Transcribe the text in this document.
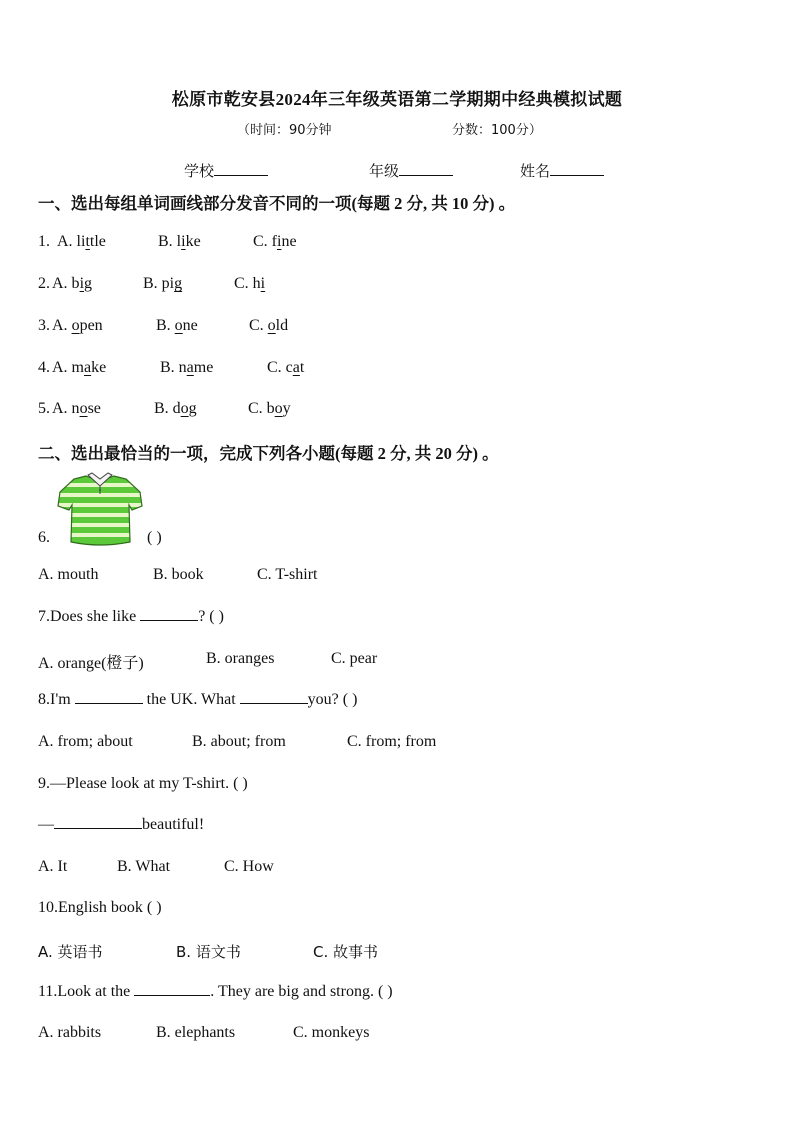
松原市乾安县2024年三年级英语第二学期期中经典模拟试题
（时间：90分钟	分数：100分）
学校	年级	姓名
一、选出每组单词画线部分发音不同的一项(每题 2 分, 共 10 分) 。
1. A. little	B. like	C. fine
2. A. big	B. pig	C. hi
3. A. open	B. one	C. old
4. A. make	B. name	C. cat
5. A. nose	B. dog	C. boy
二、选出最恰当的一项，完成下列各小题(每题 2 分, 共 20 分) 。
6.	( )
A. mouth	B. book	C. T-shirt
7.Does she like	? ( )
A. orange(橙子)	B. oranges	C. pear
8.I'm	the UK. What	you? ( )
A. from; about	B. about; from	C. from; from
9.—Please look at my T-shirt. ( )
—	beautiful!
A. It	B. What	C. How
10.English book ( )
A. 英语书	B. 语文书	C. 故事书
11.Look at the	. They are big and strong. ( )
A. rabbits	B. elephants	C. monkeys
